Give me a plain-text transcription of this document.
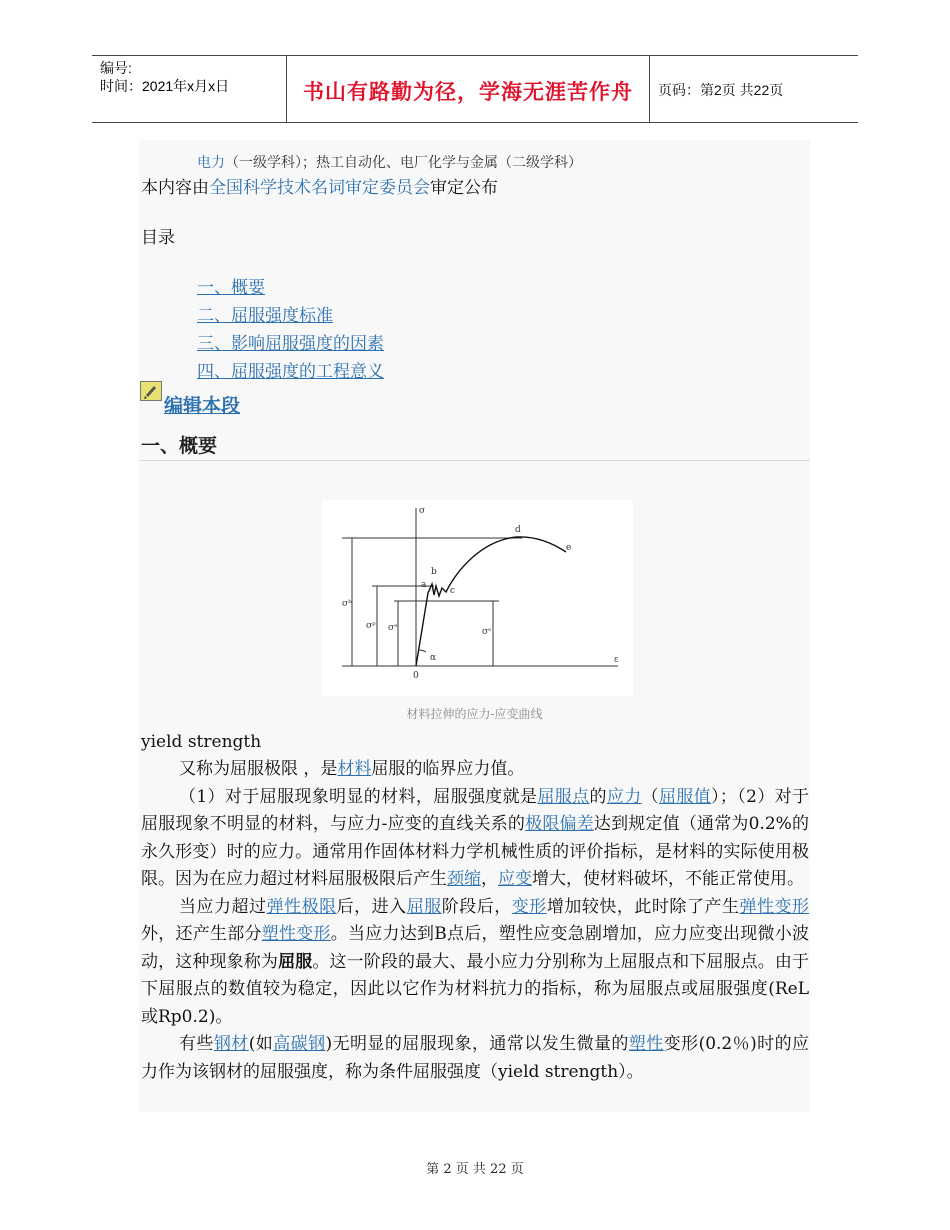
编号:
时间：2021年x月x日	书山有路勤为径，学海无涯苦作舟	页码：第2页 共22页
电力（一级学科）；热工自动化、电厂化学与金属（二级学科）
本内容由全国科学技术名词审定委员会审定公布
目录
一、概要
二、屈服强度标准
三、影响屈服强度的因素
四、屈服强度的工程意义
编辑本段
一、概要
σ
ε
0
α
a
b
c
d
e
σᵇ
σᵖ σᵉ	σˢ
材料拉伸的应力-应变曲线
yield strength

又称为屈服极限 ，是材料屈服的临界应力值。

（1）对于屈服现象明显的材料，屈服强度就是屈服点的应力（屈服值）；（2）对于屈服现象不明显的材料，与应力-应变的直线关系的极限偏差达到规定值（通常为0.2%的永久形变）时的应力。通常用作固体材料力学机械性质的评价指标，是材料的实际使用极限。因为在应力超过材料屈服极限后产生颈缩，应变增大，使材料破坏，不能正常使用。

当应力超过弹性极限后，进入屈服阶段后，变形增加较快，此时除了产生弹性变形外，还产生部分塑性变形。当应力达到B点后，塑性应变急剧增加，应力应变出现微小波动，这种现象称为屈服。这一阶段的最大、最小应力分别称为上屈服点和下屈服点。由于下屈服点的数值较为稳定，因此以它作为材料抗力的指标，称为屈服点或屈服强度(ReL或Rp0.2)。

有些钢材(如高碳钢)无明显的屈服现象，通常以发生微量的塑性变形(0.2％)时的应力作为该钢材的屈服强度，称为条件屈服强度（yield strength）。

第 2 页 共 22 页
